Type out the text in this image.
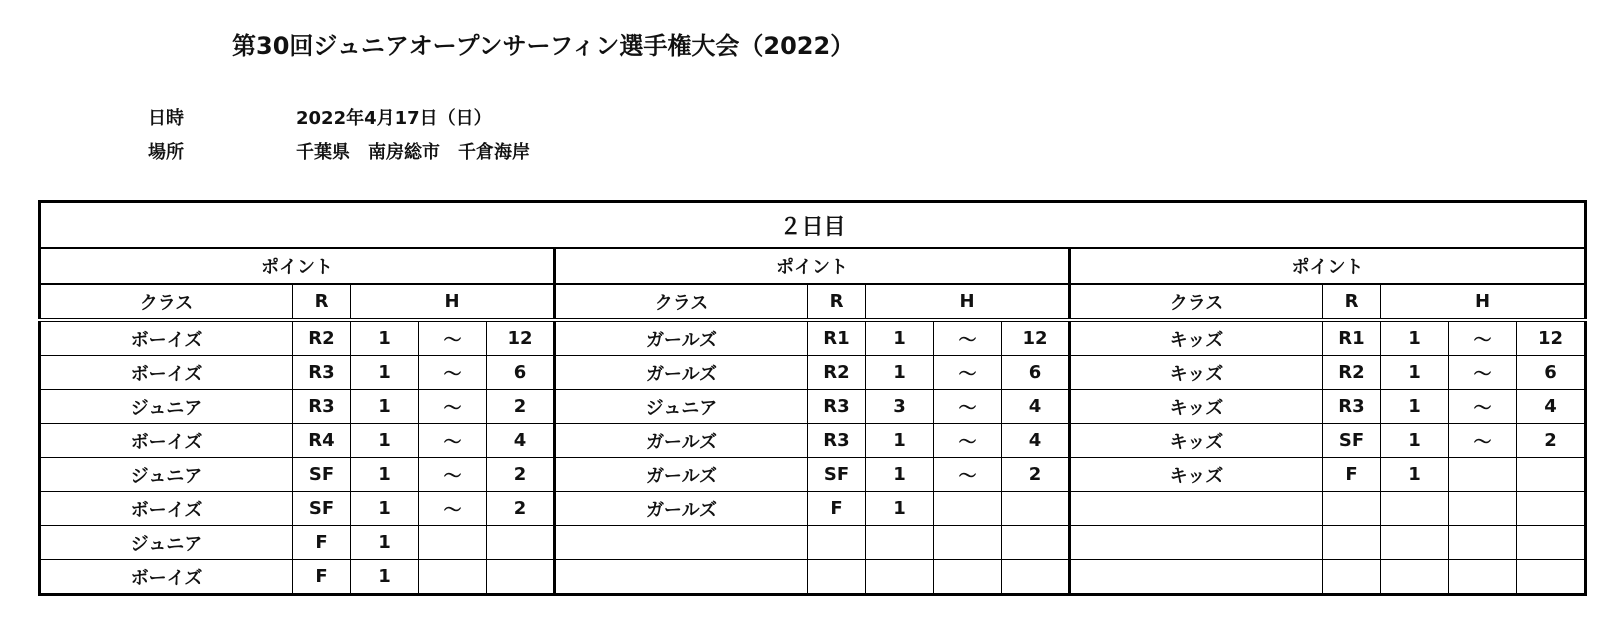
第30回ジュニアオープンサーフィン選手権大会（2022）
日時	2022年4月17日（日）
場所	千葉県　南房総市　千倉海岸
２日目														
ポイント					ポイント					ポイント				
クラス	R	H			クラス	R	H			クラス	R	H		
ボーイズ	R2	1	～	12	ガールズ	R1	1	～	12	キッズ	R1	1	～	12
ボーイズ	R3	1	～	6	ガールズ	R2	1	～	6	キッズ	R2	1	～	6
ジュニア	R3	1	～	2	ジュニア	R3	3	～	4	キッズ	R3	1	～	4
ボーイズ	R4	1	～	4	ガールズ	R3	1	～	4	キッズ	SF	1	～	2
ジュニア	SF	1	～	2	ガールズ	SF	1	～	2	キッズ	F	1		
ボーイズ	SF	1	～	2	ガールズ	F	1							
ジュニア	F	1												
ボーイズ	F	1												
